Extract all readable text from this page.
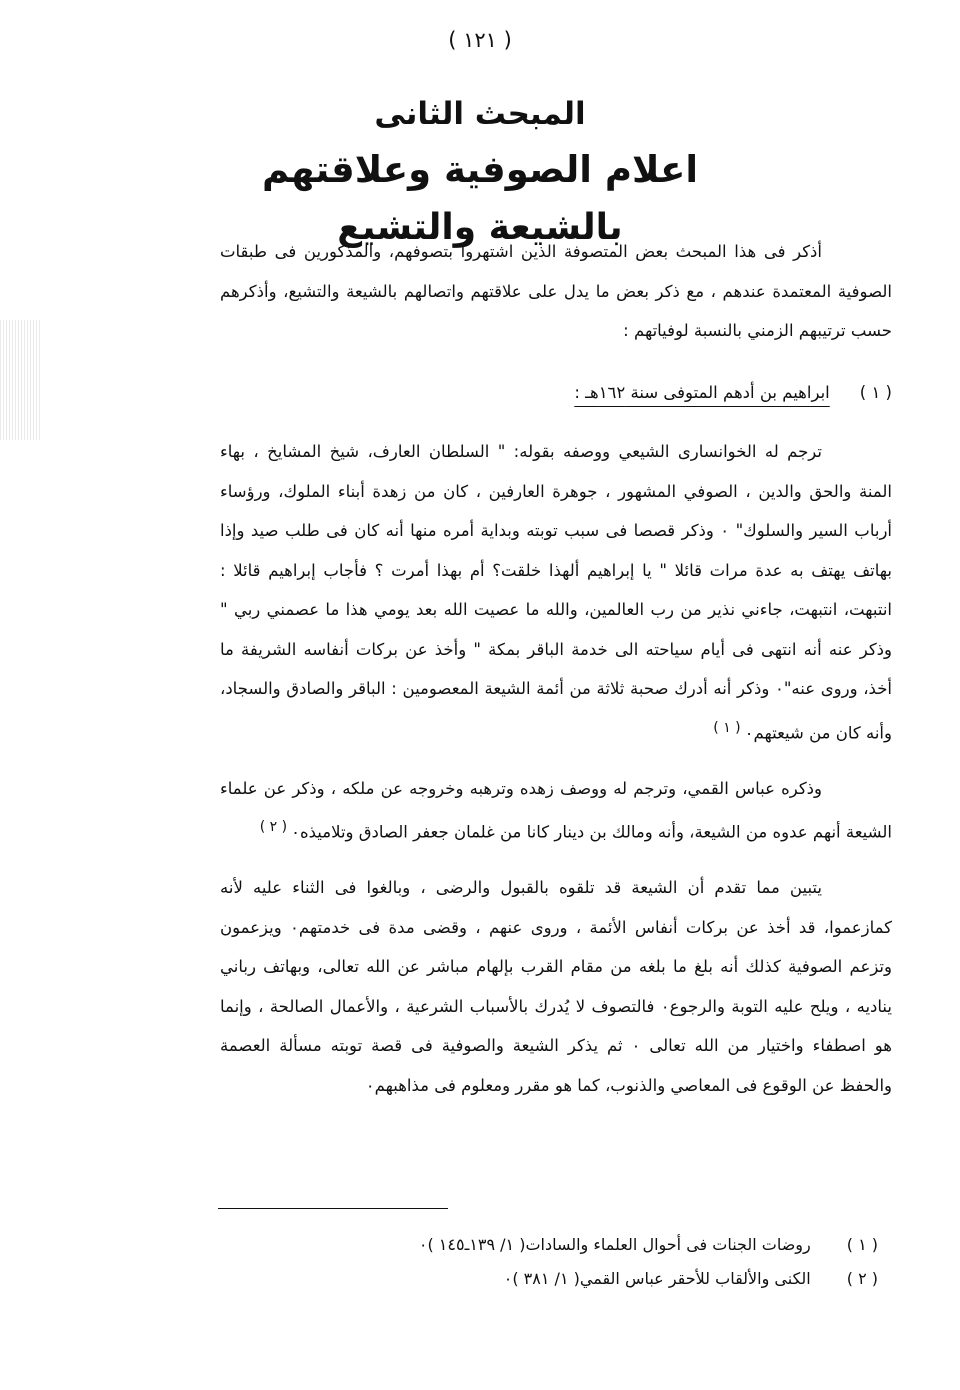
( ١٢١ )

المبحث الثانى

اعلام الصوفية وعلاقتهم

بالشيعة والتشيع

أذكر فى هذا المبحث بعض المتصوفة الذين اشتهروا بتصوفهم، والمذكورين فى طبقات الصوفية المعتمدة عندهم ، مع ذكر بعض ما يدل على علاقتهم واتصالهم بالشيعة والتشيع، وأذكرهم حسب ترتيبهم الزمني بالنسبة لوفياتهم :

( ١ )
ابراهيم بن أدهم المتوفى سنة ١٦٢هـ :

ترجم له الخوانسارى الشيعي ووصفه بقوله: " السلطان العارف، شيخ المشايخ ، بهاء المنة والحق والدين ، الصوفي المشهور ، جوهرة العارفين ، كان من زهدة أبناء الملوك، ورؤساء أرباب السير والسلوك" ٠ وذكر قصصا فى سبب توبته وبداية أمره منها أنه كان فى طلب صيد وإذا بهاتف يهتف به عدة مرات قائلا " يا إبراهيم ألهذا خلقت؟ أم بهذا أمرت ؟ فأجاب إبراهيم قائلا : انتبهت، انتبهت، جاءني نذير من رب العالمين، والله ما عصيت الله بعد يومي هذا ما عصمني ربي " وذكر عنه أنه انتهى فى أيام سياحته الى خدمة الباقر بمكة " وأخذ عن بركات أنفاسه الشريفة ما أخذ، وروى عنه"٠ وذكر أنه أدرك صحبة ثلاثة من أئمة الشيعة المعصومين : الباقر والصادق والسجاد، وأنه كان من شيعتهم٠$^{( ١ )}$

وذكره عباس القمي، وترجم له ووصف زهده وترهبه وخروجه عن ملكه ، وذكر عن علماء الشيعة أنهم عدوه من الشيعة، وأنه ومالك بن دينار كانا من غلمان جعفر الصادق وتلاميذه٠$^{( ٢ )}$

يتبين مما تقدم أن الشيعة قد تلقوه بالقبول والرضى ، وبالغوا فى الثناء عليه لأنه كمازعموا، قد أخذ عن بركات أنفاس الأئمة ، وروى عنهم ، وقضى مدة فى خدمتهم٠ ويزعمون وتزعم الصوفية كذلك أنه بلغ ما بلغه من مقام القرب بإلهام مباشر عن الله تعالى، وبهاتف رباني يناديه ، ويلح عليه التوبة والرجوع٠ فالتصوف لا يُدرك بالأسباب الشرعية ، والأعمال الصالحة ، وإنما هو اصطفاء واختيار من الله تعالى ٠ ثم يذكر الشيعة والصوفية فى قصة توبته مسألة العصمة والحفظ عن الوقوع فى المعاصي والذنوب، كما هو مقرر ومعلوم فى مذاهبهم٠

( ١ )
روضات الجنات فى أحوال العلماء والسادات( ١/ ١٣٩ـ١٤٥ )٠
( ٢ )
الكنى والألقاب للأحقر عباس القمي( ١/ ٣٨١ )٠
